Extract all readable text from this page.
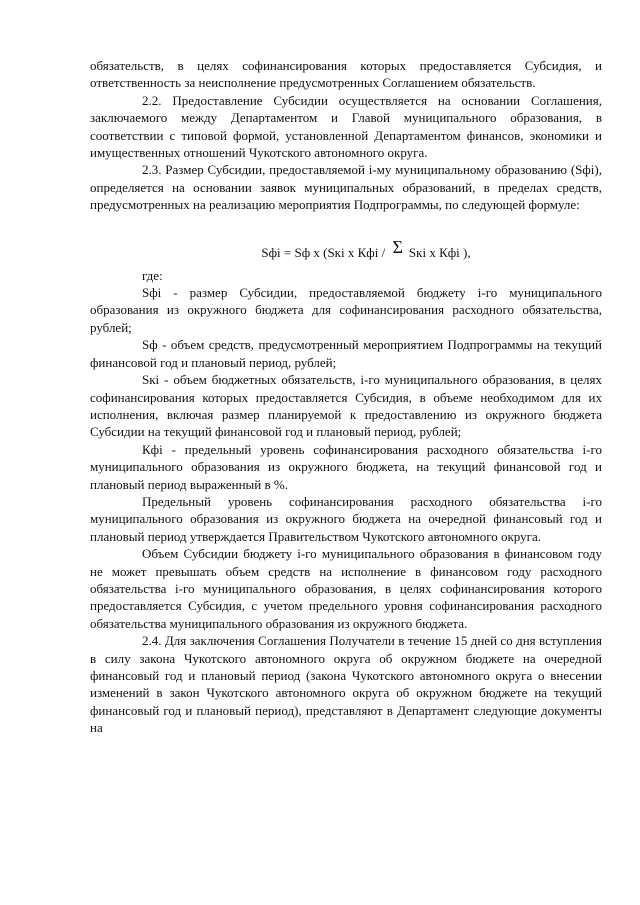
обязательств, в целях софинансирования которых предоставляется Субсидия, и ответственность за неисполнение предусмотренных Соглашением обязательств.

2.2. Предоставление Субсидии осуществляется на основании Соглашения, заключаемого между Департаментом и Главой муниципального образования, в соответствии с типовой формой, установленной Департаментом финансов, экономики и имущественных отношений Чукотского автономного округа.

2.3. Размер Субсидии, предоставляемой i-му муниципальному образованию (Sфi), определяется на основании заявок муниципальных образований, в пределах средств, предусмотренных на реализацию мероприятия Подпрограммы, по следующей формуле:

Sфi = Sф х (Sкi х Кфi / Σ Sкi х Кфi ),

где:

Sфi - размер Субсидии, предоставляемой бюджету i-го муниципального образования из окружного бюджета для софинансирования расходного обязательства, рублей;

Sф - объем средств, предусмотренный мероприятием Подпрограммы на текущий финансовой год и плановый период, рублей;

Sкi - объем бюджетных обязательств, i-го муниципального образования, в целях софинансирования которых предоставляется Субсидия, в объеме необходимом для их исполнения, включая размер планируемой к предоставлению из окружного бюджета Субсидии на текущий финансовой год и плановый период, рублей;

Кфi - предельный уровень софинансирования расходного обязательства i-го муниципального образования из окружного бюджета, на текущий финансовой год и плановый период выраженный в %.

Предельный уровень софинансирования расходного обязательства i-го муниципального образования из окружного бюджета на очередной финансовый год и плановый период утверждается Правительством Чукотского автономного округа.

Объем Субсидии бюджету i-го муниципального образования в финансовом году не может превышать объем средств на исполнение в финансовом году расходного обязательства i-го муниципального образования, в целях софинансирования которого предоставляется Субсидия, с учетом предельного уровня софинансирования расходного обязательства муниципального образования из окружного бюджета.

2.4. Для заключения Соглашения Получатели в течение 15 дней со дня вступления в силу закона Чукотского автономного округа об окружном бюджете на очередной финансовый год и плановый период (закона Чукотского автономного округа о внесении изменений в закон Чукотского автономного округа об окружном бюджете на текущий финансовый год и плановый период), представляют в Департамент следующие документы на
